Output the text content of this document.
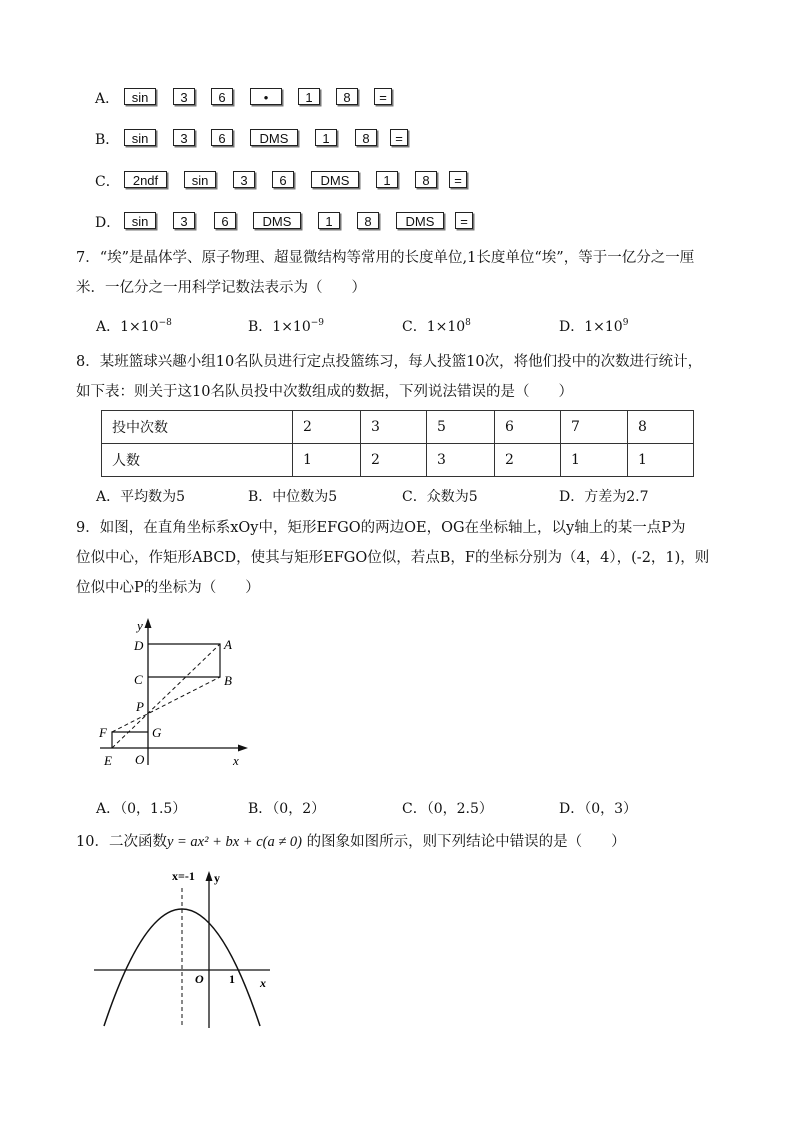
A． sin	3	6	•	1	8	=
B． sin	3	6	DMS	1	8	=
C．	2ndf	sin	3	6	DMS	1	8	=
D． sin	3	6	DMS	1	8	DMS	=
7．“埃”是晶体学、原子物理、超显微结构等常用的长度单位,1长度单位“埃”，等于一亿分之一厘
米．一亿分之一用科学记数法表示为（　　）
A．$1\times 10^{-8}$	B．$1\times 10^{-9}$	C．$1\times 10^8$	D．$1\times 10^9$
8．某班篮球兴趣小组10名队员进行定点投篮练习，每人投篮10次，将他们投中的次数进行统计，
如下表：则关于这10名队员投中次数组成的数据，下列说法错误的是（　　）
投中次数	2	3	5	6	7	8
人数	1	2	3	2	1	1
A．平均数为5	B．中位数为5	C．众数为5	D．方差为2.7
9．如图，在直角坐标系xOy中，矩形EFGO的两边OE，OG在坐标轴上，以y轴上的某一点P为
位似中心，作矩形ABCD，使其与矩形EFGO位似，若点B，F的坐标分别为（4，4），(-2，1)，则
位似中心P的坐标为（　　）
y
x
D	A
C	B
P
F	G
E O
A．（0，1.5）	B．（0，2）	C．（0，2.5）	D．（0，3）
10．二次函数y = ax² + bx + c(a ≠ 0) 的图象如图所示，则下列结论中错误的是（　　）
x=-1 y
O 1 x
